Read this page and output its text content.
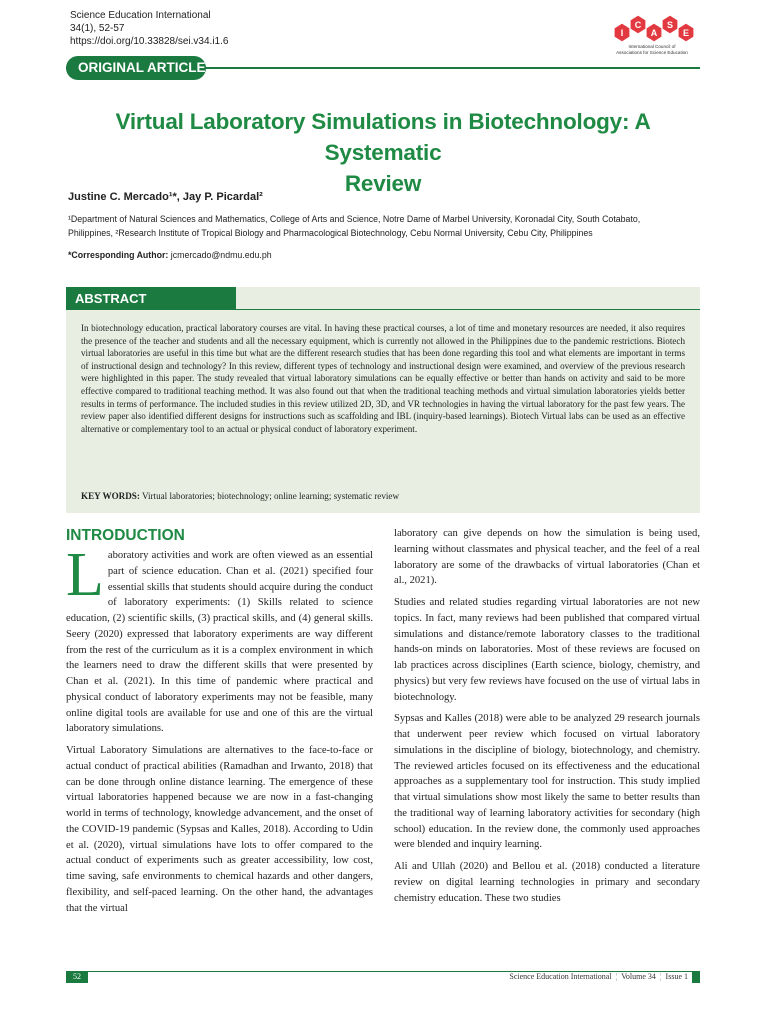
Science Education International
34(1), 52-57
https://doi.org/10.33828/sei.v34.i1.6
I
C
A
S
E
International Council of
Associations for Science Education
ORIGINAL ARTICLE
Virtual Laboratory Simulations in Biotechnology: A Systematic
Review
Justine C. Mercado¹*, Jay P. Picardal²
¹Department of Natural Sciences and Mathematics, College of Arts and Science, Notre Dame of Marbel University, Koronadal City, South Cotabato,
Philippines, ²Research Institute of Tropical Biology and Pharmacological Biotechnology, Cebu Normal University, Cebu City, Philippines
*Corresponding Author: jcmercado@ndmu.edu.ph
ABSTRACT
In biotechnology education, practical laboratory courses are vital. In having these practical courses, a lot of time and monetary resources are needed, it also requires the presence of the teacher and students and all the necessary equipment, which is currently not allowed in the Philippines due to the pandemic restrictions. Biotech virtual laboratories are useful in this time but what are the different research studies that has been done regarding this tool and what elements are important in terms of instructional design and technology? In this review, different types of technology and instructional design were examined, and overview of the previous research were highlighted in this paper. The study revealed that virtual laboratory simulations can be equally effective or better than hands on activity and said to be more effective compared to traditional teaching method. It was also found out that when the traditional teaching methods and virtual simulation laboratories yields better results in terms of performance. The included studies in this review utilized 2D, 3D, and VR technologies in having the virtual laboratory for the past few years. The review paper also identified different designs for instructions such as scaffolding and IBL (inquiry-based learnings). Biotech Virtual labs can be used as an effective alternative or complementary tool to an actual or physical conduct of laboratory experiment.
KEY WORDS: Virtual laboratories; biotechnology; online learning; systematic review
INTRODUCTION

Laboratory activities and work are often viewed as an essential part of science education. Chan et al. (2021) specified four essential skills that students should acquire during the conduct of laboratory experiments: (1) Skills related to science education, (2) scientific skills, (3) practical skills, and (4) general skills. Seery (2020) expressed that laboratory experiments are way different from the rest of the curriculum as it is a complex environment in which the learners need to draw the different skills that were presented by Chan et al. (2021). In this time of pandemic where practical and physical conduct of laboratory experiments may not be feasible, many online digital tools are available for use and one of this are the virtual laboratory simulations.

Virtual Laboratory Simulations are alternatives to the face-to-face or actual conduct of practical abilities (Ramadhan and Irwanto, 2018) that can be done through online distance learning. The emergence of these virtual laboratories happened because we are now in a fast-changing world in terms of technology, knowledge advancement, and the onset of the COVID-19 pandemic (Sypsas and Kalles, 2018). According to Udin et al. (2020), virtual simulations have lots to offer compared to the actual conduct of experiments such as greater accessibility, low cost, time saving, safe environments to chemical hazards and other dangers, flexibility, and self-paced learning. On the other hand, the advantages that the virtual

laboratory can give depends on how the simulation is being used, learning without classmates and physical teacher, and the feel of a real laboratory are some of the drawbacks of virtual laboratories (Chan et al., 2021).

Studies and related studies regarding virtual laboratories are not new topics. In fact, many reviews had been published that compared virtual simulations and distance/remote laboratory classes to the traditional hands-on minds on laboratories. Most of these reviews are focused on lab practices across disciplines (Earth science, biology, chemistry, and physics) but very few reviews have focused on the use of virtual labs in biotechnology.

Sypsas and Kalles (2018) were able to be analyzed 29 research journals that underwent peer review which focused on virtual laboratory simulations in the discipline of biology, biotechnology, and chemistry. The reviewed articles focused on its effectiveness and the educational approaches as a supplementary tool for instruction. This study implied that virtual simulations show most likely the same to better results than the traditional way of learning laboratory activities for secondary (high school) education. In the review done, the commonly used approaches were blended and inquiry learning.

Ali and Ullah (2020) and Bellou et al. (2018) conducted a literature review on digital learning technologies in primary and secondary chemistry education. These two studies

52	Science Education International ¦ Volume 34 ¦ Issue 1
